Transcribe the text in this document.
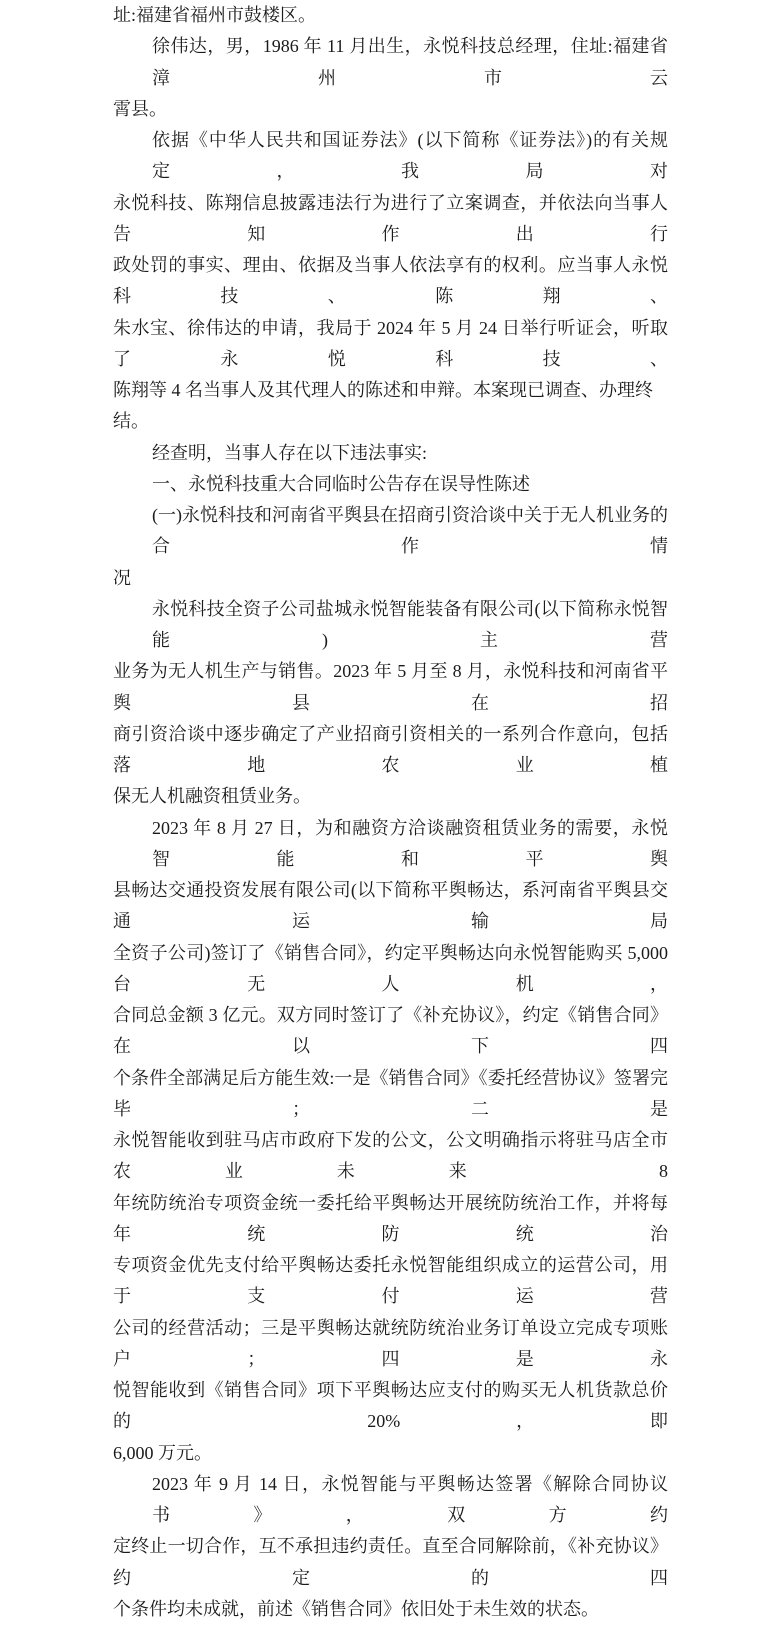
址:福建省福州市鼓楼区。
徐伟达，男，1986 年 11 月出生，永悦科技总经理，住址:福建省漳州市云
霄县。
依据《中华人民共和国证券法》(以下简称《证券法》)的有关规定，我局对
永悦科技、陈翔信息披露违法行为进行了立案调查，并依法向当事人告知作出行
政处罚的事实、理由、依据及当事人依法享有的权利。应当事人永悦科技、陈翔、
朱水宝、徐伟达的申请，我局于 2024 年 5 月 24 日举行听证会，听取了永悦科技、
陈翔等 4 名当事人及其代理人的陈述和申辩。本案现已调查、办理终结。
经查明，当事人存在以下违法事实:
一、永悦科技重大合同临时公告存在误导性陈述
(一)永悦科技和河南省平舆县在招商引资洽谈中关于无人机业务的合作情
况
永悦科技全资子公司盐城永悦智能装备有限公司(以下简称永悦智能)主营
业务为无人机生产与销售。2023 年 5 月至 8 月，永悦科技和河南省平舆县在招
商引资洽谈中逐步确定了产业招商引资相关的一系列合作意向，包括落地农业植
保无人机融资租赁业务。
2023 年 8 月 27 日，为和融资方洽谈融资租赁业务的需要，永悦智能和平舆
县畅达交通投资发展有限公司(以下简称平舆畅达，系河南省平舆县交通运输局
全资子公司)签订了《销售合同》，约定平舆畅达向永悦智能购买 5,000 台无人机，
合同总金额 3 亿元。双方同时签订了《补充协议》，约定《销售合同》在以下四
个条件全部满足后方能生效:一是《销售合同》《委托经营协议》签署完毕；二是
永悦智能收到驻马店市政府下发的公文，公文明确指示将驻马店全市农业未来 8
年统防统治专项资金统一委托给平舆畅达开展统防统治工作，并将每年统防统治
专项资金优先支付给平舆畅达委托永悦智能组织成立的运营公司，用于支付运营
公司的经营活动；三是平舆畅达就统防统治业务订单设立完成专项账户；四是永
悦智能收到《销售合同》项下平舆畅达应支付的购买无人机货款总价的 20%，即
6,000 万元。
2023 年 9 月 14 日，永悦智能与平舆畅达签署《解除合同协议书》，双方约
定终止一切合作，互不承担违约责任。直至合同解除前，《补充协议》约定的四
个条件均未成就，前述《销售合同》依旧处于未生效的状态。
